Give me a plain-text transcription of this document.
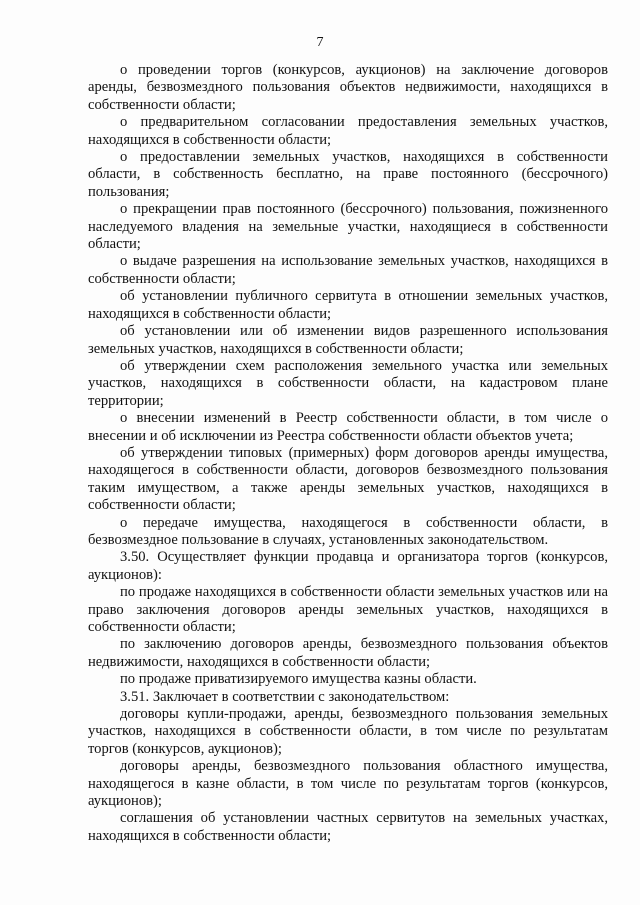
7

о проведении торгов (конкурсов, аукционов) на заключение договоров аренды, безвозмездного пользования объектов недвижимости, находящихся в собственности области;

о предварительном согласовании предоставления земельных участков, находящихся в собственности области;

о предоставлении земельных участков, находящихся в собственности области, в собственность бесплатно, на праве постоянного (бессрочного) пользования;

о прекращении прав постоянного (бессрочного) пользования, пожизненного наследуемого владения на земельные участки, находящиеся в собственности области;

о выдаче разрешения на использование земельных участков, находящихся в собственности области;

об установлении публичного сервитута в отношении земельных участков, находящихся в собственности области;

об установлении или об изменении видов разрешенного использования земельных участков, находящихся в собственности области;

об утверждении схем расположения земельного участка или земельных участков, находящихся в собственности области, на кадастровом плане территории;

о внесении изменений в Реестр собственности области, в том числе о внесении и об исключении из Реестра собственности области объектов учета;

об утверждении типовых (примерных) форм договоров аренды имущества, находящегося в собственности области, договоров безвозмездного пользования таким имуществом, а также аренды земельных участков, находящихся в собственности области;

о передаче имущества, находящегося в собственности области, в безвозмездное пользование в случаях, установленных законодательством.

3.50. Осуществляет функции продавца и организатора торгов (конкурсов, аукционов):

по продаже находящихся в собственности области земельных участков или на право заключения договоров аренды земельных участков, находящихся в собственности области;

по заключению договоров аренды, безвозмездного пользования объектов недвижимости, находящихся в собственности области;

по продаже приватизируемого имущества казны области.

3.51. Заключает в соответствии с законодательством:

договоры купли-продажи, аренды, безвозмездного пользования земельных участков, находящихся в собственности области, в том числе по результатам торгов (конкурсов, аукционов);

договоры аренды, безвозмездного пользования областного имущества, находящегося в казне области, в том числе по результатам торгов (конкурсов, аукционов);

соглашения об установлении частных сервитутов на земельных участках, находящихся в собственности области;
